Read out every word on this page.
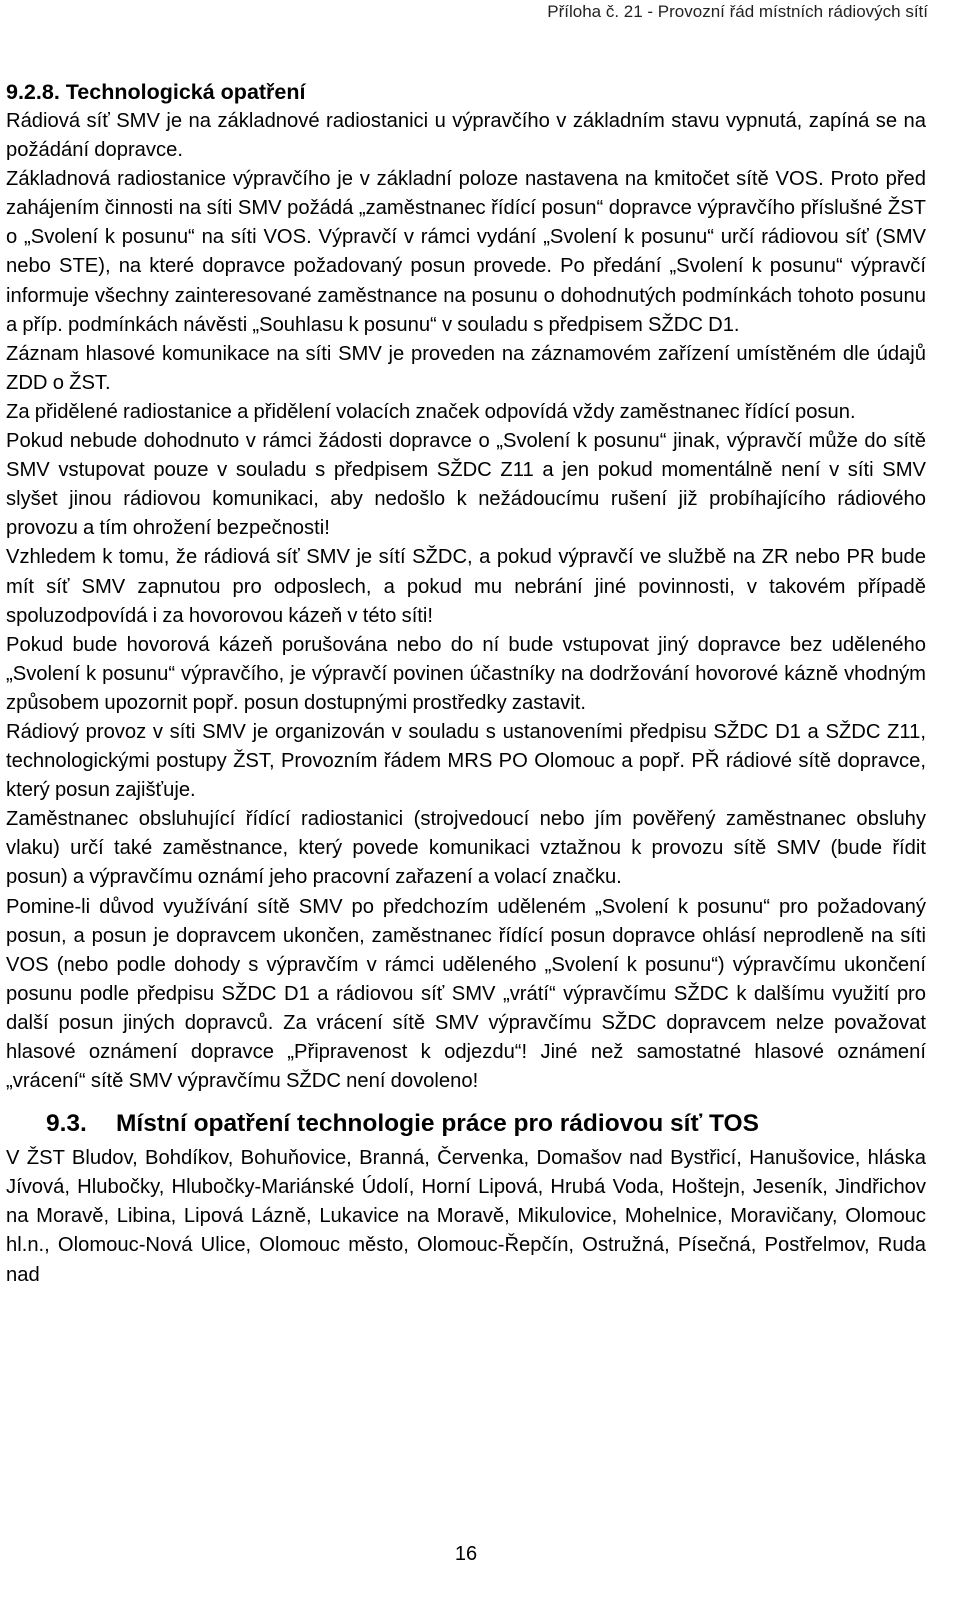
Příloha č. 21 - Provozní řád místních rádiových sítí
9.2.8. Technologická opatření

Rádiová síť SMV je na základnové radiostanici u výpravčího v základním stavu vypnutá, zapíná se na požádání dopravce.

Základnová radiostanice výpravčího je v základní poloze nastavena na kmitočet sítě VOS. Proto před zahájením činnosti na síti SMV požádá „zaměstnanec řídící posun“ dopravce výpravčího příslušné ŽST o „Svolení k posunu“ na síti VOS. Výpravčí v rámci vydání „Svolení k posunu“ určí rádiovou síť (SMV nebo STE), na které dopravce požadovaný posun provede. Po předání „Svolení k posunu“ výpravčí informuje všechny zainteresované zaměstnance na posunu o dohodnutých podmínkách tohoto posunu a příp. podmínkách návěsti „Souhlasu k posunu“ v souladu s předpisem SŽDC D1.

Záznam hlasové komunikace na síti SMV je proveden na záznamovém zařízení umístěném dle údajů ZDD o ŽST.

Za přidělené radiostanice a přidělení volacích značek odpovídá vždy zaměstnanec řídící posun.

Pokud nebude dohodnuto v rámci žádosti dopravce o „Svolení k posunu“ jinak, výpravčí může do sítě SMV vstupovat pouze v souladu s předpisem SŽDC Z11 a jen pokud momentálně není v síti SMV slyšet jinou rádiovou komunikaci, aby nedošlo k nežádoucímu rušení již probíhajícího rádiového provozu a tím ohrožení bezpečnosti!

Vzhledem k tomu, že rádiová síť SMV je sítí SŽDC, a pokud výpravčí ve službě na ZR nebo PR bude mít síť SMV zapnutou pro odposlech, a pokud mu nebrání jiné povinnosti, v takovém případě spoluzodpovídá i za hovorovou kázeň v této síti!

Pokud bude hovorová kázeň porušována nebo do ní bude vstupovat jiný dopravce bez uděleného „Svolení k posunu“ výpravčího, je výpravčí povinen účastníky na dodržování hovorové kázně vhodným způsobem upozornit popř. posun dostupnými prostředky zastavit.

Rádiový provoz v síti SMV je organizován v souladu s ustanoveními předpisu SŽDC D1 a SŽDC Z11, technologickými postupy ŽST, Provozním řádem MRS PO Olomouc a popř. PŘ rádiové sítě dopravce, který posun zajišťuje.

Zaměstnanec obsluhující řídící radiostanici (strojvedoucí nebo jím pověřený zaměstnanec obsluhy vlaku) určí také zaměstnance, který povede komunikaci vztažnou k provozu sítě SMV (bude řídit posun) a výpravčímu oznámí jeho pracovní zařazení a volací značku.

Pomine-li důvod využívání sítě SMV po předchozím uděleném „Svolení k posunu“ pro požadovaný posun, a posun je dopravcem ukončen, zaměstnanec řídící posun dopravce ohlásí neprodleně na síti VOS (nebo podle dohody s výpravčím v rámci uděleného „Svolení k posunu“) výpravčímu ukončení posunu podle předpisu SŽDC D1 a rádiovou síť SMV „vrátí“ výpravčímu SŽDC k dalšímu využití pro další posun jiných dopravců. Za vrácení sítě SMV výpravčímu SŽDC dopravcem nelze považovat hlasové oznámení dopravce „Připravenost k odjezdu“! Jiné než samostatné hlasové oznámení „vrácení“ sítě SMV výpravčímu SŽDC není dovoleno!

9.3. Místní opatření technologie práce pro rádiovou síť TOS

V ŽST Bludov, Bohdíkov, Bohuňovice, Branná, Červenka, Domašov nad Bystřicí, Hanušovice, hláska Jívová, Hlubočky, Hlubočky-Mariánské Údolí, Horní Lipová, Hrubá Voda, Hoštejn, Jeseník, Jindřichov na Moravě, Libina, Lipová Lázně, Lukavice na Moravě, Mikulovice, Mohelnice, Moravičany, Olomouc hl.n., Olomouc-Nová Ulice, Olomouc město, Olomouc-Řepčín, Ostružná, Písečná, Postřelmov, Ruda nad

16
